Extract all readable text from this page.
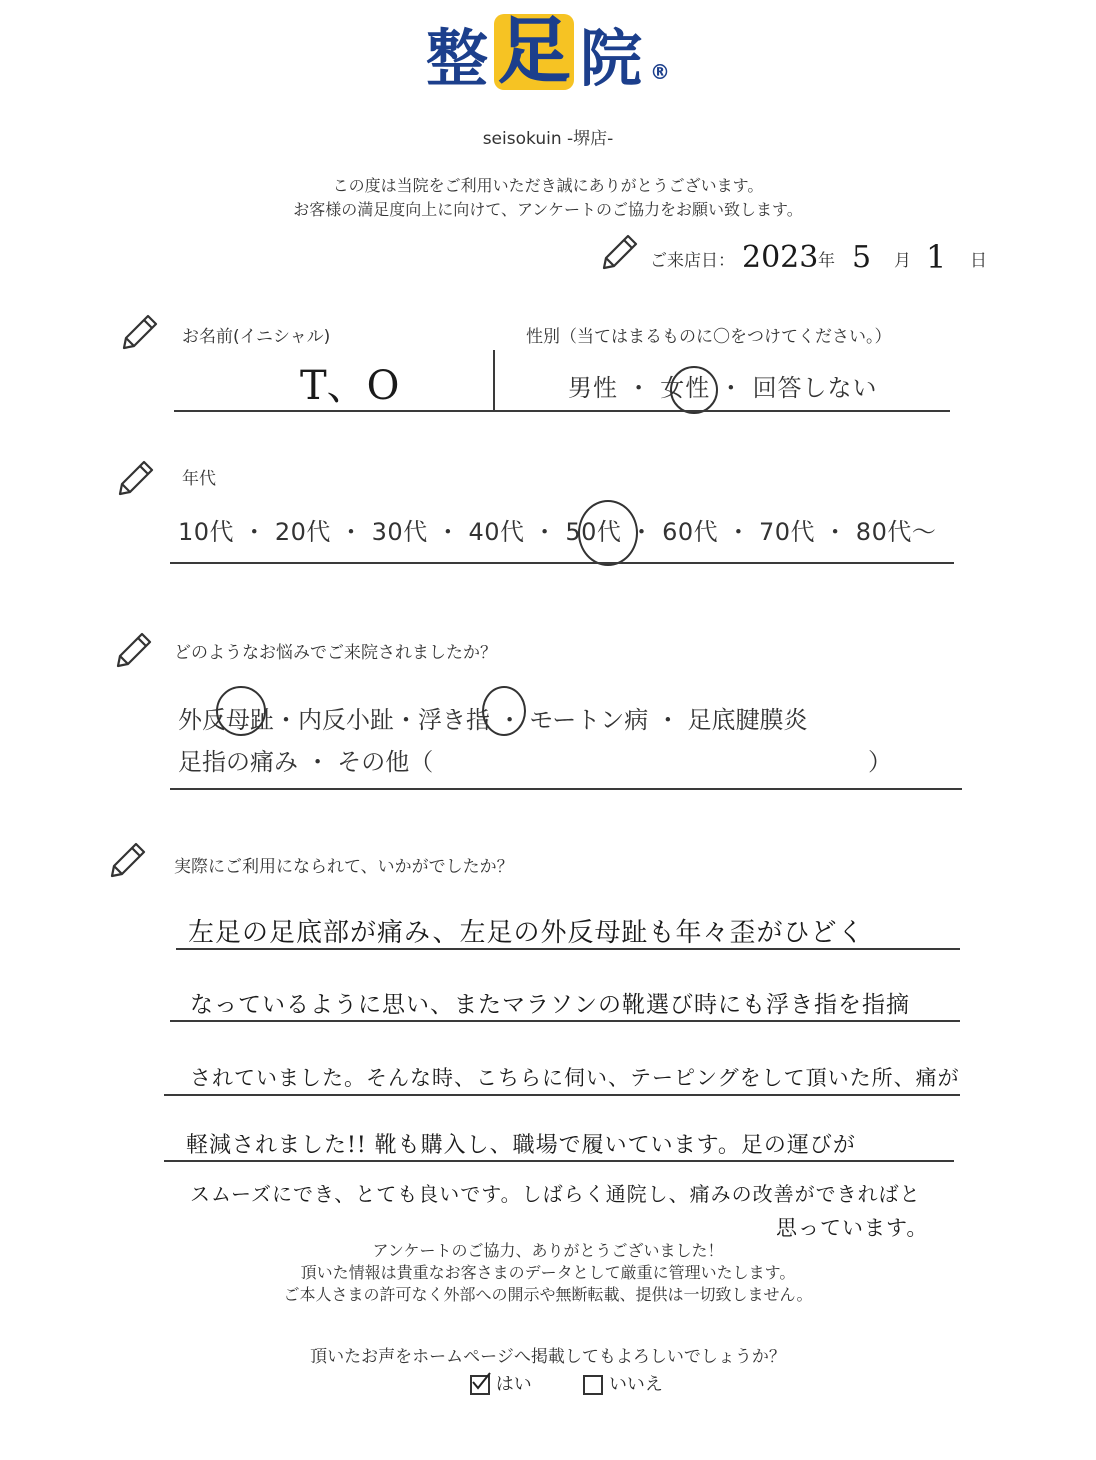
整 足 院 ®
seisokuin -堺店-
この度は当院をご利用いただき誠にありがとうございます。
お客様の満足度向上に向けて、アンケートのご協力をお願い致します。
ご来店日： 2023 年 5 月 1 日
お名前(イニシャル)	性別（当てはまるものに〇をつけてください。）
T、O	男性 ・ 女性 ・ 回答しない
年代
10代 ・ 20代 ・ 30代 ・ 40代 ・ 50代 ・ 60代 ・ 70代 ・ 80代〜
どのようなお悩みでご来院されましたか？
外反母趾・内反小趾・浮き指 ・ モートン病 ・ 足底腱膜炎
足指の痛み ・ その他（	）
実際にご利用になられて、いかがでしたか？
左足の足底部が痛み、左足の外反母趾も年々歪がひどく
なっているように思い、またマラソンの靴選び時にも浮き指を指摘
されていました。そんな時、こちらに伺い、テーピングをして頂いた所、痛が
軽減されました!! 靴も購入し、職場で履いています。足の運びが
スムーズにでき、とても良いです。しばらく通院し、痛みの改善ができればと
思っています。
アンケートのご協力、ありがとうございました！
頂いた情報は貴重なお客さまのデータとして厳重に管理いたします。
ご本人さまの許可なく外部への開示や無断転載、提供は一切致しません。
頂いたお声をホームページへ掲載してもよろしいでしょうか？
はい	いいえ
